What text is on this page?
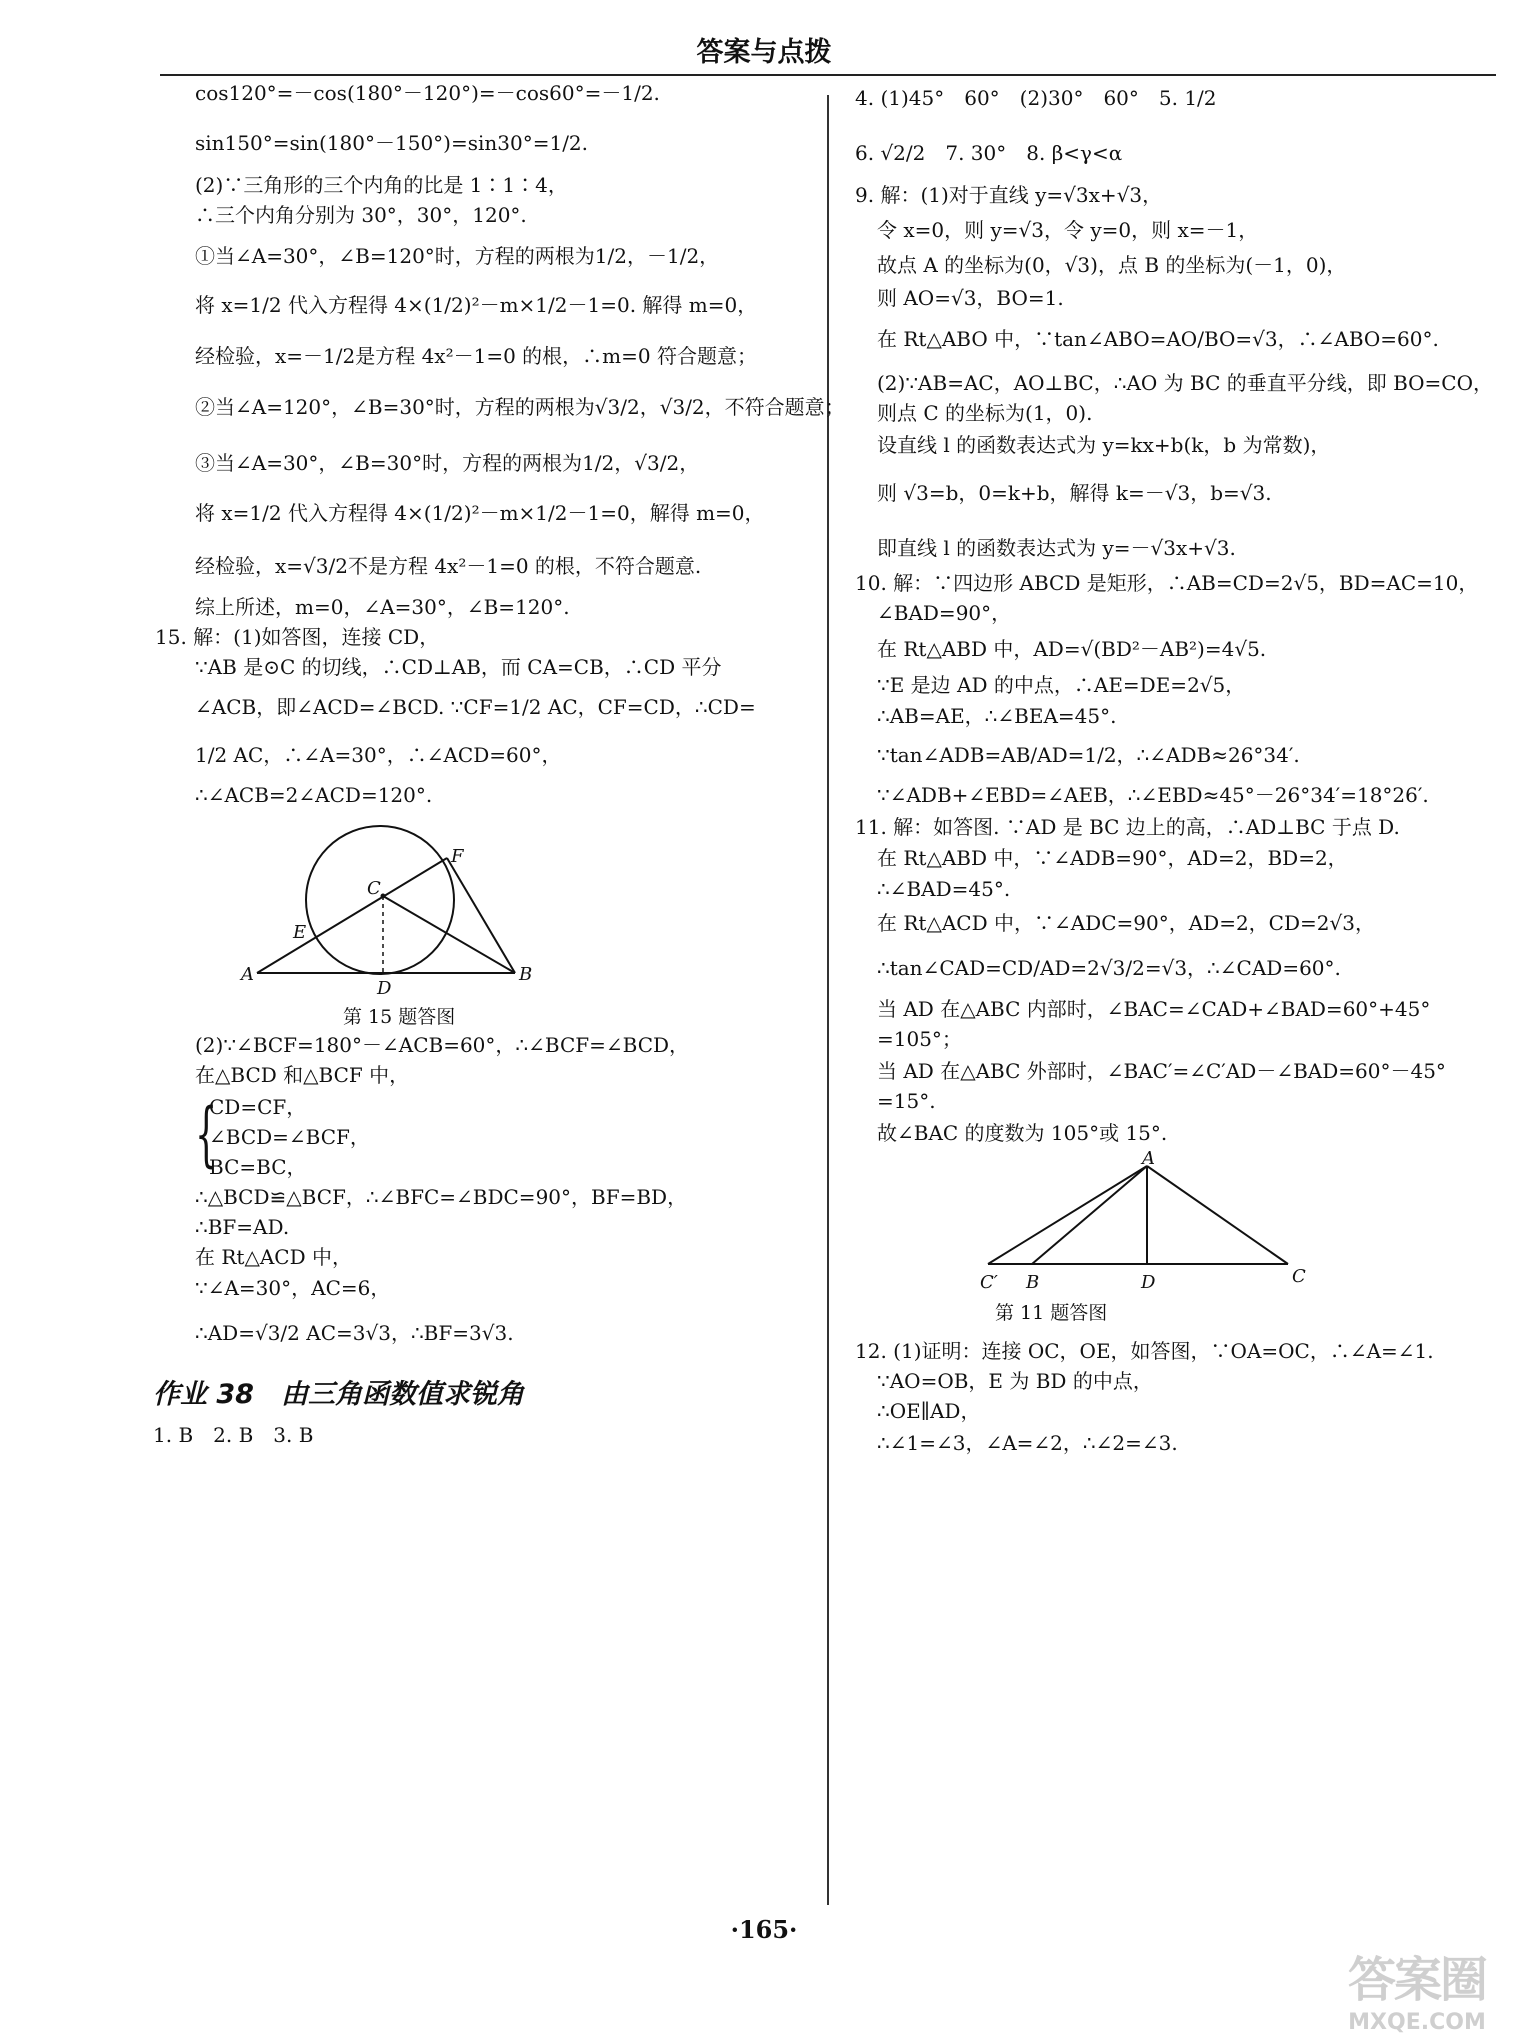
答案与点拨
cos120°=－cos(180°－120°)=－cos60°=－1/2.
sin150°=sin(180°－150°)=sin30°=1/2.
(2)∵三角形的三个内角的比是 1∶1∶4，
∴三个内角分别为 30°，30°，120°.
①当∠A=30°，∠B=120°时，方程的两根为1/2，－1/2，
将 x=1/2 代入方程得 4×(1/2)²－m×1/2－1=0. 解得 m=0，
经检验，x=－1/2是方程 4x²－1=0 的根，∴m=0 符合题意；
②当∠A=120°，∠B=30°时，方程的两根为√3/2，√3/2，不符合题意；
③当∠A=30°，∠B=30°时，方程的两根为1/2，√3/2，
将 x=1/2 代入方程得 4×(1/2)²－m×1/2－1=0，解得 m=0，
经检验，x=√3/2不是方程 4x²－1=0 的根，不符合题意.
综上所述，m=0，∠A=30°，∠B=120°.
15. 解：(1)如答图，连接 CD，
∵AB 是⊙C 的切线，∴CD⊥AB，而 CA=CB，∴CD 平分
∠ACB，即∠ACD=∠BCD. ∵CF=1/2 AC，CF=CD，∴CD=
1/2 AC，∴∠A=30°，∴∠ACD=60°，
∴∠ACB=2∠ACD=120°.
A	B
C
D
E
F
第 15 题答图
(2)∵∠BCF=180°－∠ACB=60°，∴∠BCF=∠BCD，
在△BCD 和△BCF 中，
CD=CF，
∠BCD=∠BCF，
BC=BC，
{
∴△BCD≌△BCF，∴∠BFC=∠BDC=90°，BF=BD，
∴BF=AD.
在 Rt△ACD 中，
∵∠A=30°，AC=6，
∴AD=√3/2 AC=3√3，∴BF=3√3.
作业 38　由三角函数值求锐角
1. B　2. B　3. B
4. (1)45°　60°　(2)30°　60°　5. 1/2
6. √2/2　7. 30°　8. β<γ<α
9. 解：(1)对于直线 y=√3x+√3，
令 x=0，则 y=√3，令 y=0，则 x=－1，
故点 A 的坐标为(0，√3)，点 B 的坐标为(－1，0)，
则 AO=√3，BO=1.
在 Rt△ABO 中，∵tan∠ABO=AO/BO=√3，∴∠ABO=60°.
(2)∵AB=AC，AO⊥BC，∴AO 为 BC 的垂直平分线，即 BO=CO，
则点 C 的坐标为(1，0).
设直线 l 的函数表达式为 y=kx+b(k，b 为常数)，
则 √3=b，0=k+b，解得 k=－√3，b=√3.
即直线 l 的函数表达式为 y=－√3x+√3.
10. 解：∵四边形 ABCD 是矩形，∴AB=CD=2√5，BD=AC=10，
∠BAD=90°，
在 Rt△ABD 中，AD=√(BD²－AB²)=4√5.
∵E 是边 AD 的中点，∴AE=DE=2√5，
∴AB=AE，∴∠BEA=45°.
∵tan∠ADB=AB/AD=1/2，∴∠ADB≈26°34′.
∵∠ADB+∠EBD=∠AEB，∴∠EBD≈45°－26°34′=18°26′.
11. 解：如答图. ∵AD 是 BC 边上的高，∴AD⊥BC 于点 D.
在 Rt△ABD 中，∵∠ADB=90°，AD=2，BD=2，
∴∠BAD=45°.
在 Rt△ACD 中，∵∠ADC=90°，AD=2，CD=2√3，
∴tan∠CAD=CD/AD=2√3/2=√3，∴∠CAD=60°.
当 AD 在△ABC 内部时，∠BAC=∠CAD+∠BAD=60°+45°
=105°；
当 AD 在△ABC 外部时，∠BAC′=∠C′AD－∠BAD=60°－45°
=15°.
故∠BAC 的度数为 105°或 15°.
A
C′ B	D	C
第 11 题答图
12. (1)证明：连接 OC，OE，如答图，∵OA=OC，∴∠A=∠1.
∵AO=OB，E 为 BD 的中点，
∴OE∥AD，
∴∠1=∠3，∠A=∠2，∴∠2=∠3.
·165·
答案圈
MXQE.COM
